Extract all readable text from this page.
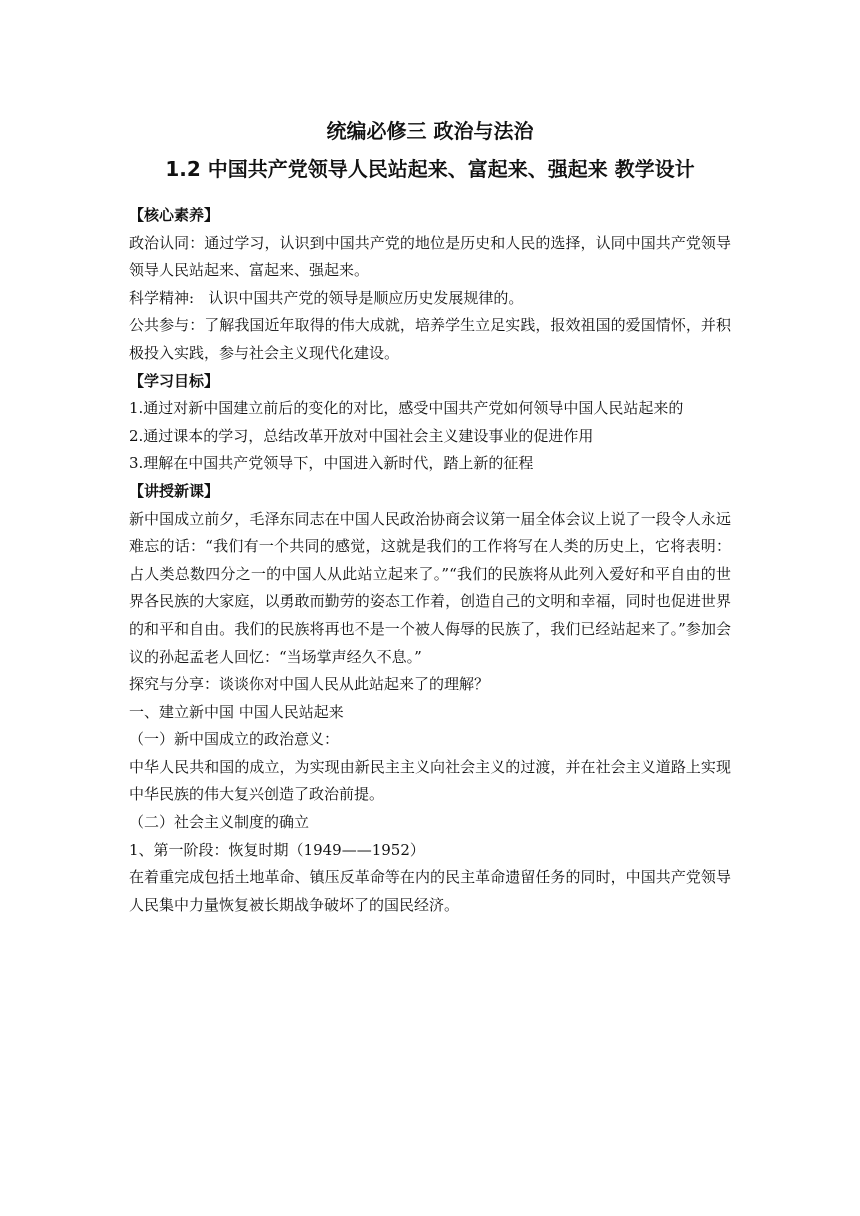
统编必修三 政治与法治
1.2 中国共产党领导人民站起来、富起来、强起来 教学设计
【核心素养】
政治认同：通过学习，认识到中国共产党的地位是历史和人民的选择，认同中国共产党领导领导人民站起来、富起来、强起来。
科学精神:   认识中国共产党的领导是顺应历史发展规律的。
公共参与：了解我国近年取得的伟大成就，培养学生立足实践，报效祖国的爱国情怀，并积极投入实践，参与社会主义现代化建设。
【学习目标】
1.通过对新中国建立前后的变化的对比，感受中国共产党如何领导中国人民站起来的
2.通过课本的学习，总结改革开放对中国社会主义建设事业的促进作用
3.理解在中国共产党领导下，中国进入新时代，踏上新的征程
【讲授新课】
新中国成立前夕，毛泽东同志在中国人民政治协商会议第一届全体会议上说了一段令人永远难忘的话：“我们有一个共同的感觉，这就是我们的工作将写在人类的历史上，它将表明：占人类总数四分之一的中国人从此站立起来了。”“我们的民族将从此列入爱好和平自由的世界各民族的大家庭，以勇敢而勤劳的姿态工作着，创造自己的文明和幸福，同时也促进世界的和平和自由。我们的民族将再也不是一个被人侮辱的民族了，我们已经站起来了。”参加会议的孙起孟老人回忆：“当场掌声经久不息。”
探究与分享：谈谈你对中国人民从此站起来了的理解？
一、建立新中国 中国人民站起来
（一）新中国成立的政治意义：
中华人民共和国的成立，为实现由新民主主义向社会主义的过渡，并在社会主义道路上实现中华民族的伟大复兴创造了政治前提。
（二）社会主义制度的确立
1、第一阶段：恢复时期（1949——1952）
在着重完成包括土地革命、镇压反革命等在内的民主革命遗留任务的同时，中国共产党领导人民集中力量恢复被长期战争破坏了的国民经济。
